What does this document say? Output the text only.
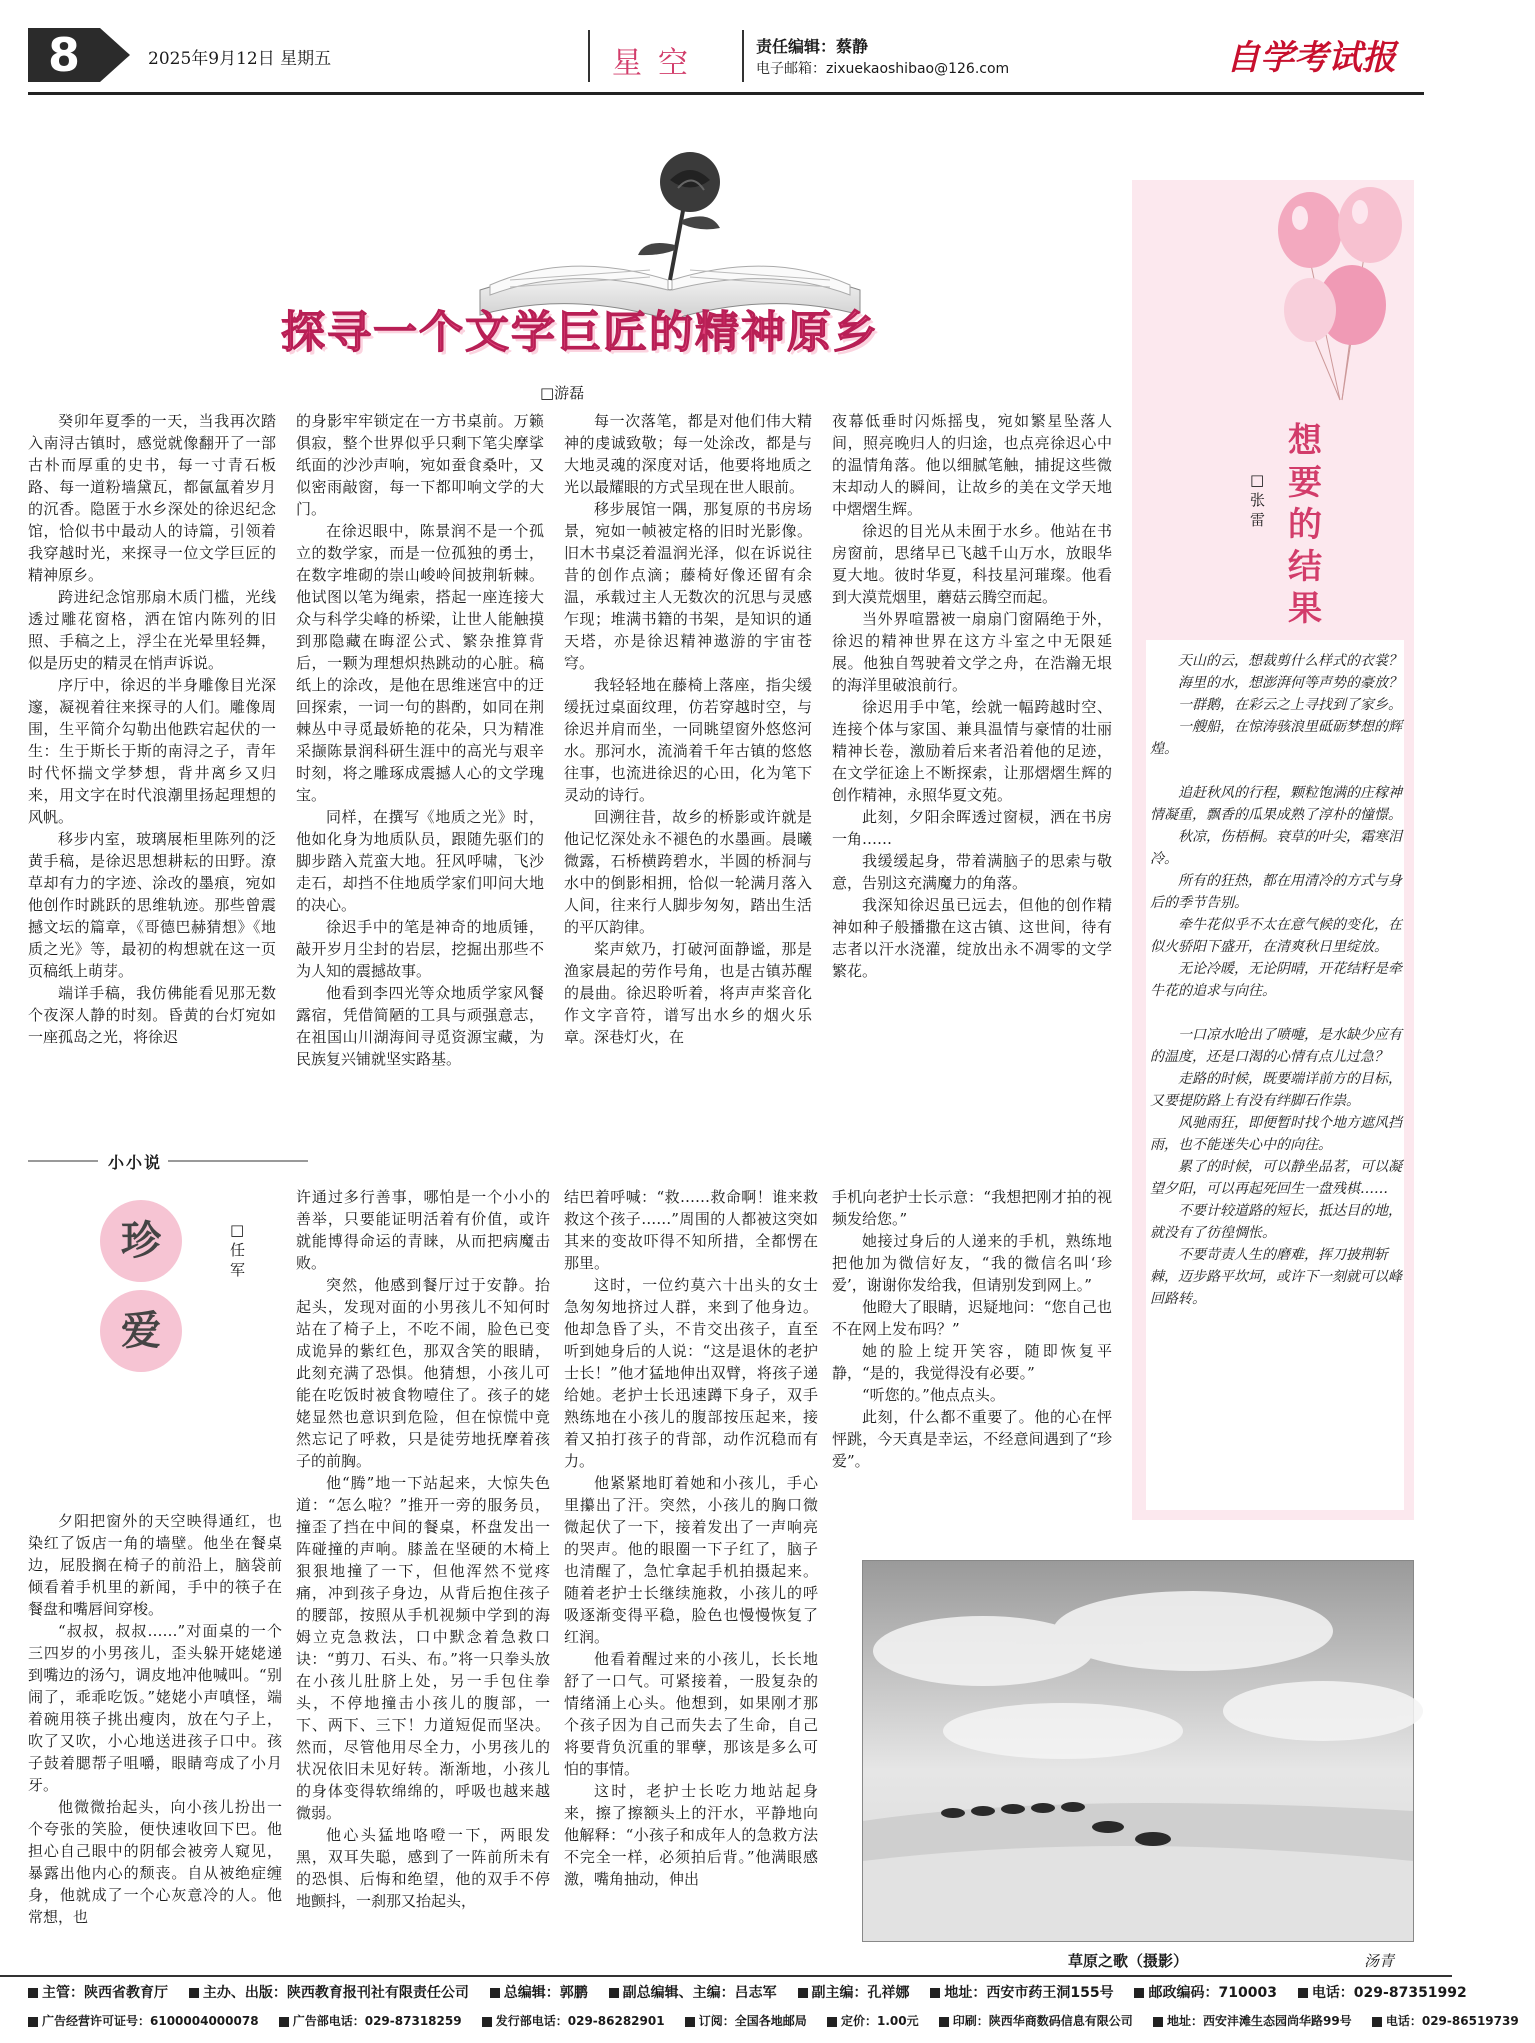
8	2025年9月12日 星期五	星空	责任编辑：蔡静
电子邮箱：zixuekaoshibao@126.com	自学考试报
探寻一个文学巨匠的精神原乡
□游磊

癸卯年夏季的一天，当我再次踏入南浔古镇时，感觉就像翻开了一部古朴而厚重的史书，每一寸青石板路、每一道粉墙黛瓦，都氤氲着岁月的沉香。隐匿于水乡深处的徐迟纪念馆，恰似书中最动人的诗篇，引领着我穿越时光，来探寻一位文学巨匠的精神原乡。

跨进纪念馆那扇木质门槛，光线透过雕花窗格，洒在馆内陈列的旧照、手稿之上，浮尘在光晕里轻舞，似是历史的精灵在悄声诉说。

序厅中，徐迟的半身雕像目光深邃，凝视着往来探寻的人们。雕像周围，生平简介勾勒出他跌宕起伏的一生：生于斯长于斯的南浔之子，青年时代怀揣文学梦想，背井离乡又归来，用文字在时代浪潮里扬起理想的风帆。

移步内室，玻璃展柜里陈列的泛黄手稿，是徐迟思想耕耘的田野。潦草却有力的字迹、涂改的墨痕，宛如他创作时跳跃的思维轨迹。那些曾震撼文坛的篇章，《哥德巴赫猜想》《地质之光》等，最初的构想就在这一页页稿纸上萌芽。

端详手稿，我仿佛能看见那无数个夜深人静的时刻。昏黄的台灯宛如一座孤岛之光，将徐迟

的身影牢牢锁定在一方书桌前。万籁俱寂，整个世界似乎只剩下笔尖摩挲纸面的沙沙声响，宛如蚕食桑叶，又似密雨敲窗，每一下都叩响文学的大门。

在徐迟眼中，陈景润不是一个孤立的数学家，而是一位孤独的勇士，在数字堆砌的崇山峻岭间披荆斩棘。他试图以笔为绳索，搭起一座连接大众与科学尖峰的桥梁，让世人能触摸到那隐藏在晦涩公式、繁杂推算背后，一颗为理想炽热跳动的心脏。稿纸上的涂改，是他在思维迷宫中的迂回探索，一词一句的斟酌，如同在荆棘丛中寻觅最娇艳的花朵，只为精准采撷陈景润科研生涯中的高光与艰辛时刻，将之雕琢成震撼人心的文学瑰宝。

同样，在撰写《地质之光》时，他如化身为地质队员，跟随先驱们的脚步踏入荒蛮大地。狂风呼啸，飞沙走石，却挡不住地质学家们叩问大地的决心。

徐迟手中的笔是神奇的地质锤，敲开岁月尘封的岩层，挖掘出那些不为人知的震撼故事。

他看到李四光等众地质学家风餐露宿，凭借简陋的工具与顽强意志，在祖国山川湖海间寻觅资源宝藏，为民族复兴铺就坚实路基。

每一次落笔，都是对他们伟大精神的虔诚致敬；每一处涂改，都是与大地灵魂的深度对话，他要将地质之光以最耀眼的方式呈现在世人眼前。

移步展馆一隅，那复原的书房场景，宛如一帧被定格的旧时光影像。旧木书桌泛着温润光泽，似在诉说往昔的创作点滴；藤椅好像还留有余温，承载过主人无数次的沉思与灵感乍现；堆满书籍的书架，是知识的通天塔，亦是徐迟精神遨游的宇宙苍穹。

我轻轻地在藤椅上落座，指尖缓缓抚过桌面纹理，仿若穿越时空，与徐迟并肩而坐，一同眺望窗外悠悠河水。那河水，流淌着千年古镇的悠悠往事，也流进徐迟的心田，化为笔下灵动的诗行。

回溯往昔，故乡的桥影或许就是他记忆深处永不褪色的水墨画。晨曦微露，石桥横跨碧水，半圆的桥洞与水中的倒影相拥，恰似一轮满月落入人间，往来行人脚步匆匆，踏出生活的平仄韵律。

桨声欸乃，打破河面静谧，那是渔家晨起的劳作号角，也是古镇苏醒的晨曲。徐迟聆听着，将声声桨音化作文字音符，谱写出水乡的烟火乐章。深巷灯火，在

夜幕低垂时闪烁摇曳，宛如繁星坠落人间，照亮晚归人的归途，也点亮徐迟心中的温情角落。他以细腻笔触，捕捉这些微末却动人的瞬间，让故乡的美在文学天地中熠熠生辉。

徐迟的目光从未囿于水乡。他站在书房窗前，思绪早已飞越千山万水，放眼华夏大地。彼时华夏，科技星河璀璨。他看到大漠荒烟里，蘑菇云腾空而起。

当外界喧嚣被一扇扇门窗隔绝于外，徐迟的精神世界在这方斗室之中无限延展。他独自驾驶着文学之舟，在浩瀚无垠的海洋里破浪前行。

徐迟用手中笔，绘就一幅跨越时空、连接个体与家国、兼具温情与豪情的壮丽精神长卷，激励着后来者沿着他的足迹，在文学征途上不断探索，让那熠熠生辉的创作精神，永照华夏文苑。

此刻，夕阳余晖透过窗棂，洒在书房一角……

我缓缓起身，带着满脑子的思索与敬意，告别这充满魔力的角落。

我深知徐迟虽已远去，但他的创作精神如种子般播撒在这古镇、这世间，待有志者以汗水浇灌，绽放出永不凋零的文学繁花。

小小说
珍
爱
□任军

夕阳把窗外的天空映得通红，也染红了饭店一角的墙壁。他坐在餐桌边，屁股搁在椅子的前沿上，脑袋前倾看着手机里的新闻，手中的筷子在餐盘和嘴唇间穿梭。

“叔叔，叔叔……”对面桌的一个三四岁的小男孩儿，歪头躲开姥姥递到嘴边的汤勺，调皮地冲他喊叫。“别闹了，乖乖吃饭。”姥姥小声嗔怪，端着碗用筷子挑出瘦肉，放在勺子上，吹了又吹，小心地送进孩子口中。孩子鼓着腮帮子咀嚼，眼睛弯成了小月牙。

他微微抬起头，向小孩儿扮出一个夸张的笑脸，便快速收回下巴。他担心自己眼中的阴郁会被旁人窥见，暴露出他内心的颓丧。自从被绝症缠身，他就成了一个心灰意冷的人。他常想，也

许通过多行善事，哪怕是一个小小的善举，只要能证明活着有价值，或许就能博得命运的青睐，从而把病魔击败。

突然，他感到餐厅过于安静。抬起头，发现对面的小男孩儿不知何时站在了椅子上，不吃不闹，脸色已变成诡异的紫红色，那双含笑的眼睛，此刻充满了恐惧。他猜想，小孩儿可能在吃饭时被食物噎住了。孩子的姥姥显然也意识到危险，但在惊慌中竟然忘记了呼救，只是徒劳地抚摩着孩子的前胸。

他“腾”地一下站起来，大惊失色道：“怎么啦？”推开一旁的服务员，撞歪了挡在中间的餐桌，杯盘发出一阵碰撞的声响。膝盖在坚硬的木椅上狠狠地撞了一下，但他浑然不觉疼痛，冲到孩子身边，从背后抱住孩子的腰部，按照从手机视频中学到的海姆立克急救法，口中默念着急救口诀：“剪刀、石头、布。”将一只拳头放在小孩儿肚脐上处，另一手包住拳头，不停地撞击小孩儿的腹部，一下、两下、三下！力道短促而坚决。然而，尽管他用尽全力，小男孩儿的状况依旧未见好转。渐渐地，小孩儿的身体变得软绵绵的，呼吸也越来越微弱。

他心头猛地咯噔一下，两眼发黑，双耳失聪，感到了一阵前所未有的恐惧、后悔和绝望，他的双手不停地颤抖，一刹那又抬起头，

结巴着呼喊：“救……救命啊！谁来救救这个孩子……”周围的人都被这突如其来的变故吓得不知所措，全都愣在那里。

这时，一位约莫六十出头的女士急匆匆地挤过人群，来到了他身边。他却急昏了头，不肯交出孩子，直至听到她身后的人说：“这是退休的老护士长！”他才猛地伸出双臂，将孩子递给她。老护士长迅速蹲下身子，双手熟练地在小孩儿的腹部按压起来，接着又拍打孩子的背部，动作沉稳而有力。

他紧紧地盯着她和小孩儿，手心里攥出了汗。突然，小孩儿的胸口微微起伏了一下，接着发出了一声响亮的哭声。他的眼圈一下子红了，脑子也清醒了，急忙拿起手机拍摄起来。随着老护士长继续施救，小孩儿的呼吸逐渐变得平稳，脸色也慢慢恢复了红润。

他看着醒过来的小孩儿，长长地舒了一口气。可紧接着，一股复杂的情绪涌上心头。他想到，如果刚才那个孩子因为自己而失去了生命，自己将要背负沉重的罪孽，那该是多么可怕的事情。

这时，老护士长吃力地站起身来，擦了擦额头上的汗水，平静地向他解释：“小孩子和成年人的急救方法不完全一样，必须拍后背。”他满眼感激，嘴角抽动，伸出

手机向老护士长示意：“我想把刚才拍的视频发给您。”

她接过身后的人递来的手机，熟练地把他加为微信好友，“我的微信名叫‘珍爱’，谢谢你发给我，但请别发到网上。”

他瞪大了眼睛，迟疑地问：“您自己也不在网上发布吗？”

她的脸上绽开笑容，随即恢复平静，“是的，我觉得没有必要。”

“听您的。”他点点头。

此刻，什么都不重要了。他的心在怦怦跳，今天真是幸运，不经意间遇到了“珍爱”。

想要的结果
□张雷

天山的云，想裁剪什么样式的衣裳？

海里的水，想澎湃何等声势的豪放？

一群鹅，在彩云之上寻找到了家乡。

一艘船，在惊涛骇浪里砥砺梦想的辉煌。

追赶秋风的行程，颗粒饱满的庄稼神情凝重，飘香的瓜果成熟了淳朴的憧憬。

秋凉，伤梧桐。衰草的叶尖，霜寒泪冷。

所有的狂热，都在用清冷的方式与身后的季节告别。

牵牛花似乎不太在意气候的变化，在似火骄阳下盛开，在清爽秋日里绽放。

无论冷暖，无论阴晴，开花结籽是牵牛花的追求与向往。

一口凉水呛出了喷嚏，是水缺少应有的温度，还是口渴的心情有点儿过急？

走路的时候，既要端详前方的目标，又要提防路上有没有绊脚石作祟。

风驰雨狂，即便暂时找个地方遮风挡雨，也不能迷失心中的向往。

累了的时候，可以静坐品茗，可以凝望夕阳，可以再起死回生一盘残棋……

不要计较道路的短长，抵达目的地，就没有了彷徨惆怅。

不要苛责人生的磨难，挥刀披荆斩棘，迈步路平坎坷，或许下一刻就可以峰回路转。

草原之歌（摄影）	汤青
主管：陕西省教育厅 主办、出版：陕西教育报刊社有限责任公司 总编辑：郭鹏 副总编辑、主编：吕志军 副主编：孔祥娜 地址：西安市药王洞155号 邮政编码：710003 电话：029-87351992
广告经营许可证号：6100004000078	广告部电话：029-87318259	发行部电话：029-86282901	订阅：全国各地邮局	定价：1.00元	印刷：陕西华商数码信息有限公司	地址：西安沣滩生态园尚华路99号	电话：029-86519739
